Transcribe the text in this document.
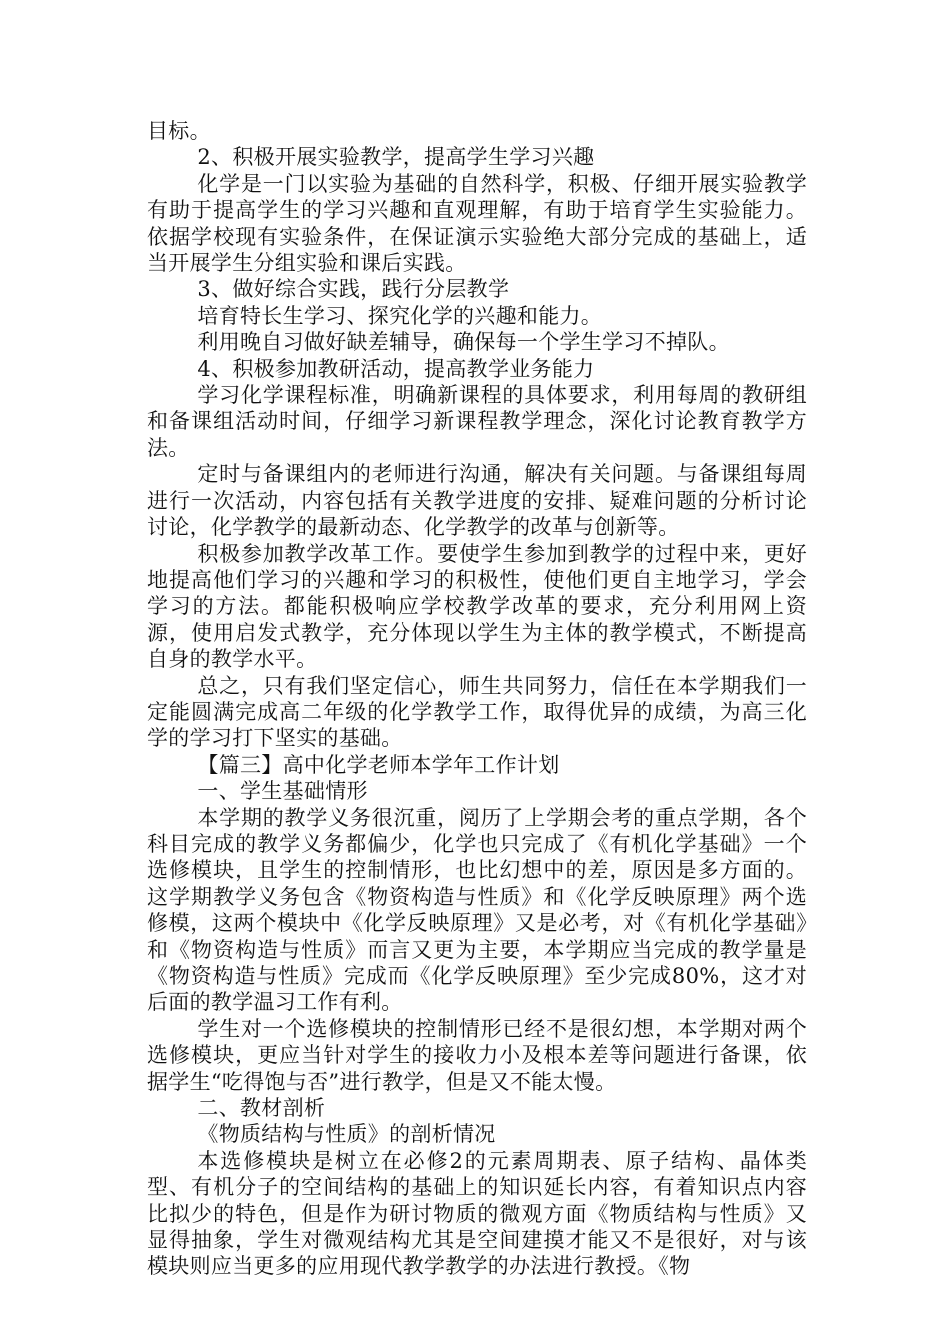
目标。

2、积极开展实验教学，提高学生学习兴趣

化学是一门以实验为基础的自然科学，积极、仔细开展实验教学有助于提高学生的学习兴趣和直观理解，有助于培育学生实验能力。依据学校现有实验条件，在保证演示实验绝大部分完成的基础上，适当开展学生分组实验和课后实践。

3、做好综合实践，践行分层教学

培育特长生学习、探究化学的兴趣和能力。

利用晚自习做好缺差辅导，确保每一个学生学习不掉队。

4、积极参加教研活动，提高教学业务能力

学习化学课程标准，明确新课程的具体要求，利用每周的教研组和备课组活动时间，仔细学习新课程教学理念，深化讨论教育教学方法。

定时与备课组内的老师进行沟通，解决有关问题。与备课组每周进行一次活动，内容包括有关教学进度的安排、疑难问题的分析讨论讨论，化学教学的最新动态、化学教学的改革与创新等。

积极参加教学改革工作。要使学生参加到教学的过程中来，更好地提高他们学习的兴趣和学习的积极性，使他们更自主地学习，学会学习的方法。都能积极响应学校教学改革的要求，充分利用网上资源，使用启发式教学，充分体现以学生为主体的教学模式，不断提高自身的教学水平。

总之，只有我们坚定信心，师生共同努力，信任在本学期我们一定能圆满完成高二年级的化学教学工作，取得优异的成绩，为高三化学的学习打下坚实的基础。

【篇三】高中化学老师本学年工作计划

一、学生基础情形

本学期的教学义务很沉重，阅历了上学期会考的重点学期，各个科目完成的教学义务都偏少，化学也只完成了《有机化学基础》一个选修模块，且学生的控制情形，也比幻想中的差，原因是多方面的。这学期教学义务包含《物资构造与性质》和《化学反映原理》两个选修模，这两个模块中《化学反映原理》又是必考，对《有机化学基础》和《物资构造与性质》而言又更为主要，本学期应当完成的教学量是《物资构造与性质》完成而《化学反映原理》至少完成80%，这才对后面的教学温习工作有利。

学生对一个选修模块的控制情形已经不是很幻想，本学期对两个选修模块，更应当针对学生的接收力小及根本差等问题进行备课，依据学生“吃得饱与否”进行教学，但是又不能太慢。

二、教材剖析

《物质结构与性质》的剖析情况

本选修模块是树立在必修2的元素周期表、原子结构、晶体类型、有机分子的空间结构的基础上的知识延长内容，有着知识点内容比拟少的特色，但是作为研讨物质的微观方面《物质结构与性质》又显得抽象，学生对微观结构尤其是空间建摸才能又不是很好，对与该模块则应当更多的应用现代教学教学的办法进行教授。《物
